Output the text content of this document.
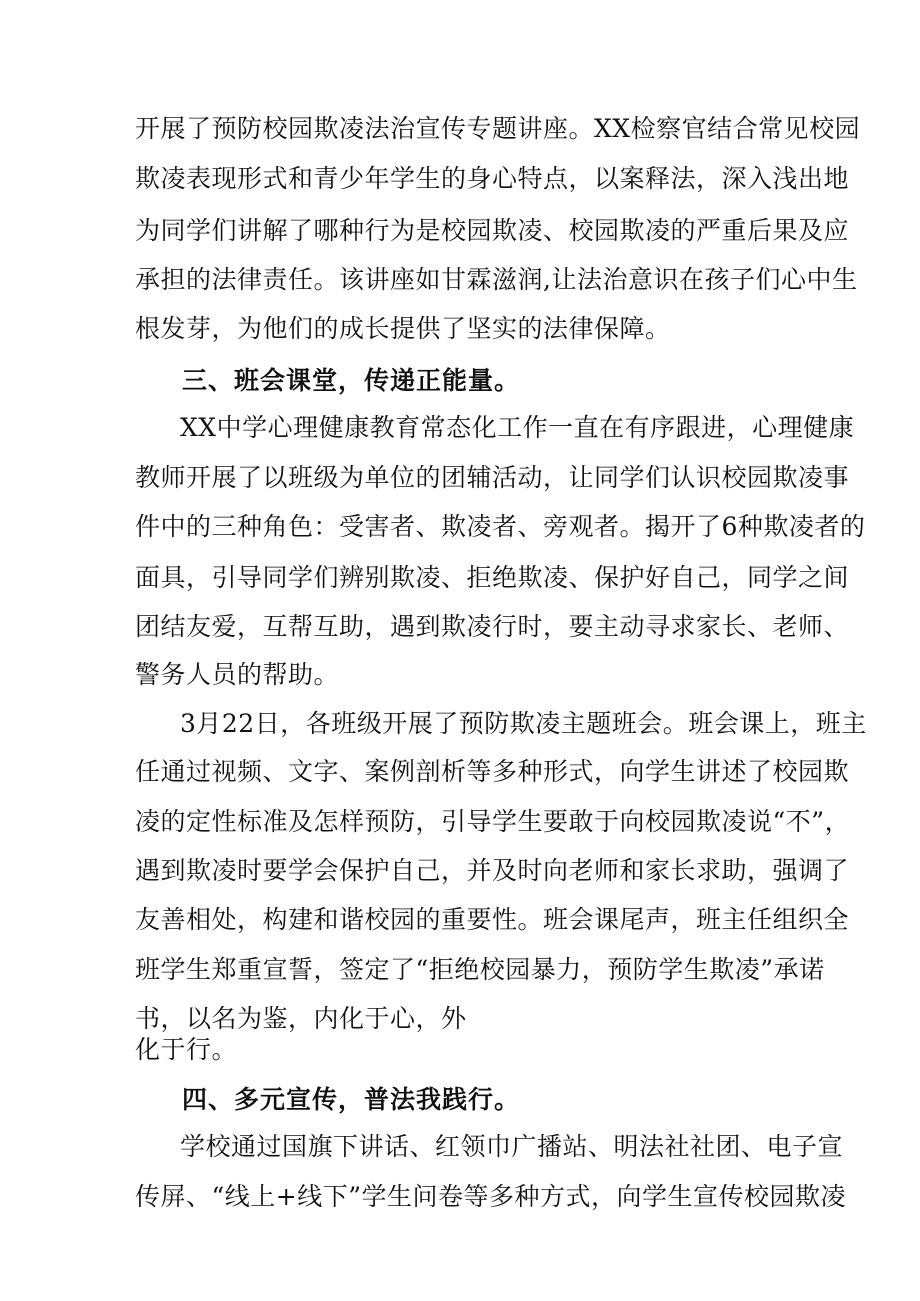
开展了预防校园欺凌法治宣传专题讲座。XX检察官结合常见校园
欺凌表现形式和青少年学生的身心特点，以案释法，深入浅出地
为同学们讲解了哪种行为是校园欺凌、校园欺凌的严重后果及应
承担的法律责任。该讲座如甘霖滋润,让法治意识在孩子们心中生
根发芽，为他们的成长提供了坚实的法律保障。
三、班会课堂，传递正能量。
XX中学心理健康教育常态化工作一直在有序跟进，心理健康
教师开展了以班级为单位的团辅活动，让同学们认识校园欺凌事
件中的三种角色：受害者、欺凌者、旁观者。揭开了6种欺凌者的
面具，引导同学们辨别欺凌、拒绝欺凌、保护好自己，同学之间
团结友爱，互帮互助，遇到欺凌行时，要主动寻求家长、老师、
警务人员的帮助。
3月22日，各班级开展了预防欺凌主题班会。班会课上，班主
任通过视频、文字、案例剖析等多种形式，向学生讲述了校园欺
凌的定性标准及怎样预防，引导学生要敢于向校园欺凌说“不”，
遇到欺凌时要学会保护自己，并及时向老师和家长求助，强调了
友善相处，构建和谐校园的重要性。班会课尾声，班主任组织全
班学生郑重宣誓，签定了“拒绝校园暴力，预防学生欺凌”承诺
书，以名为鉴，内化于心，外
化于行。
四、多元宣传，普法我践行。
学校通过国旗下讲话、红领巾广播站、明法社社团、电子宣
传屏、“线上+线下”学生问卷等多种方式，向学生宣传校园欺凌
